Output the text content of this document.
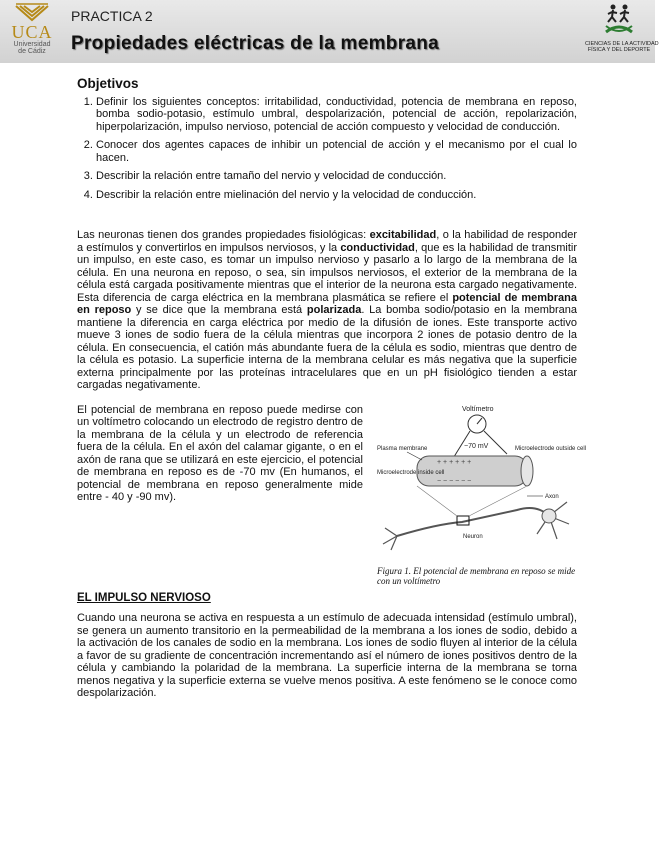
UCA
Universidad
de Cádiz
PRACTICA 2
Propiedades eléctricas de la membrana	CIENCIAS DE LA ACTIVIDAD
FÍSICA Y DEL DEPORTE
Objetivos
1. Definir los siguientes conceptos: irritabilidad, conductividad, potencia de membrana en reposo, bomba sodio-potasio, estímulo umbral, despolarización, potencial de acción, repolarización, hiperpolarización, impulso nervioso, potencial de acción compuesto y velocidad de conducción.
2. Conocer dos agentes capaces de inhibir un potencial de acción y el mecanismo por el cual lo hacen.
3. Describir la relación entre tamaño del nervio y velocidad de conducción.
4. Describir la relación entre mielinación del nervio y la velocidad de conducción.

Las neuronas tienen dos grandes propiedades fisiológicas: excitabilidad, o la habilidad de responder a estímulos y convertirlos en impulsos nerviosos, y la conductividad, que es la habilidad de transmitir un impulso, en este caso, es tomar un impulso nervioso y pasarlo a lo largo de la membrana de la célula. En una neurona en reposo, o sea, sin impulsos nerviosos, el exterior de la membrana de la célula está cargada positivamente mientras que el interior de la neurona esta cargado negativamente. Esta diferencia de carga eléctrica en la membrana plasmática se refiere el potencial de membrana en reposo y se dice que la membrana está polarizada. La bomba sodio/potasio en la membrana mantiene la diferencia en carga eléctrica por medio de la difusión de iones. Este transporte activo mueve 3 iones de sodio fuera de la célula mientras que incorpora 2 iones de potasio dentro de la célula. En consecuencia, el catión más abundante fuera de la célula es sodio, mientras que dentro de la célula es potasio. La superficie interna de la membrana celular es más negativa que la superficie externa principalmente por las proteínas intracelulares que en un pH fisiológico tienden a estar cargadas negativamente.

Voltímetro
−70 mV
+ + + + + +
− − − − − −
Plasma membrane
Microelectrode inside cell
Microelectrode outside cell
Axon
Neuron
Figura 1. El potencial de membrana en reposo se mide con un voltímetro

El potencial de membrana en reposo puede medirse con un voltímetro colocando un electrodo de registro dentro de la membrana de la célula y un electrodo de referencia fuera de la célula. En el axón del calamar gigante, o en el axón de rana que se utilizará en este ejercicio, el potencial de membrana en reposo es de -70 mv (En humanos, el potencial de membrana en reposo generalmente mide entre - 40 y -90 mv).

EL IMPULSO NERVIOSO

Cuando una neurona se activa en respuesta a un estímulo de adecuada intensidad (estímulo umbral), se genera un aumento transitorio en la permeabilidad de la membrana a los iones de sodio, debido a la activación de los canales de sodio en la membrana. Los iones de sodio fluyen al interior de la célula a favor de su gradiente de concentración incrementando así el número de iones positivos dentro de la célula y cambiando la polaridad de la membrana. La superficie interna de la membrana se torna menos negativa y la superficie externa se vuelve menos positiva. A este fenómeno se le conoce como despolarización.
